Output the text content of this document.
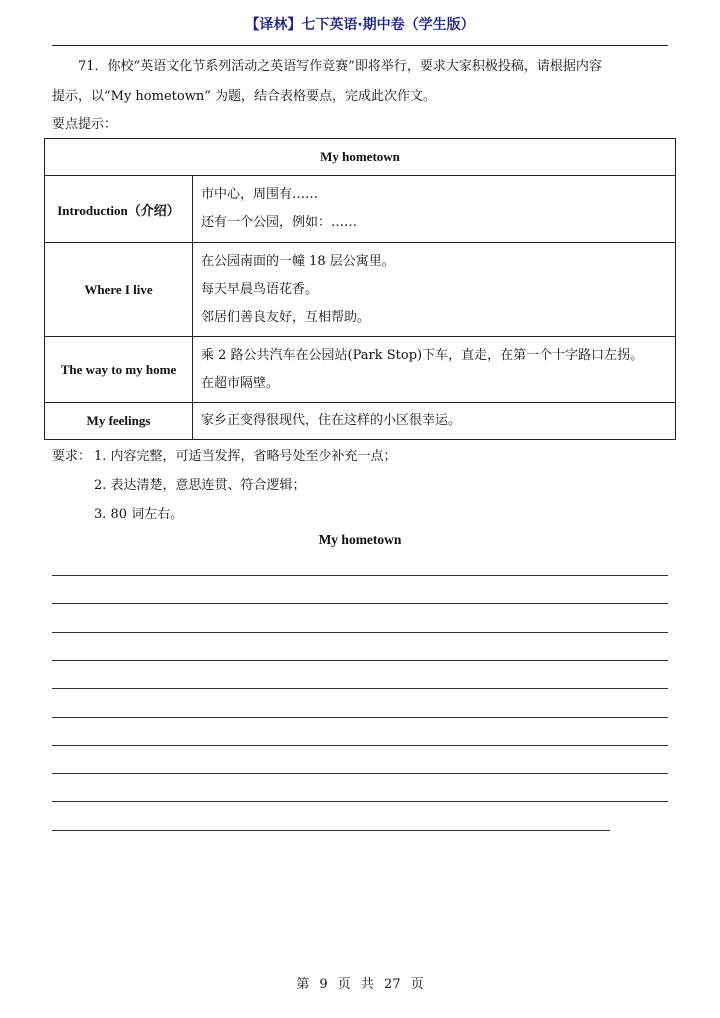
【译林】七下英语·期中卷（学生版）
71．你校“英语文化节系列活动之英语写作竞赛”即将举行，要求大家积极投稿，请根据内容
提示，以“My hometown” 为题，结合表格要点，完成此次作文。
要点提示：
My hometown	
Introduction（介绍）	市中心，周围有……
还有一个公园，例如：……

Where I live	在公园南面的一幢 18 层公寓里。
每天早晨鸟语花香。
邻居们善良友好，互相帮助。

The way to my home	乘 2 路公共汽车在公园站(Park Stop)下车，直走，在第一个十字路口左拐。
在超市隔壁。

My feelings	家乡正变得很现代，住在这样的小区很幸运。
要求： 1. 内容完整，可适当发挥，省略号处至少补充一点；
2. 表达清楚，意思连贯、符合逻辑；
3. 80 词左右。
My hometown
第 9 页 共 27 页
